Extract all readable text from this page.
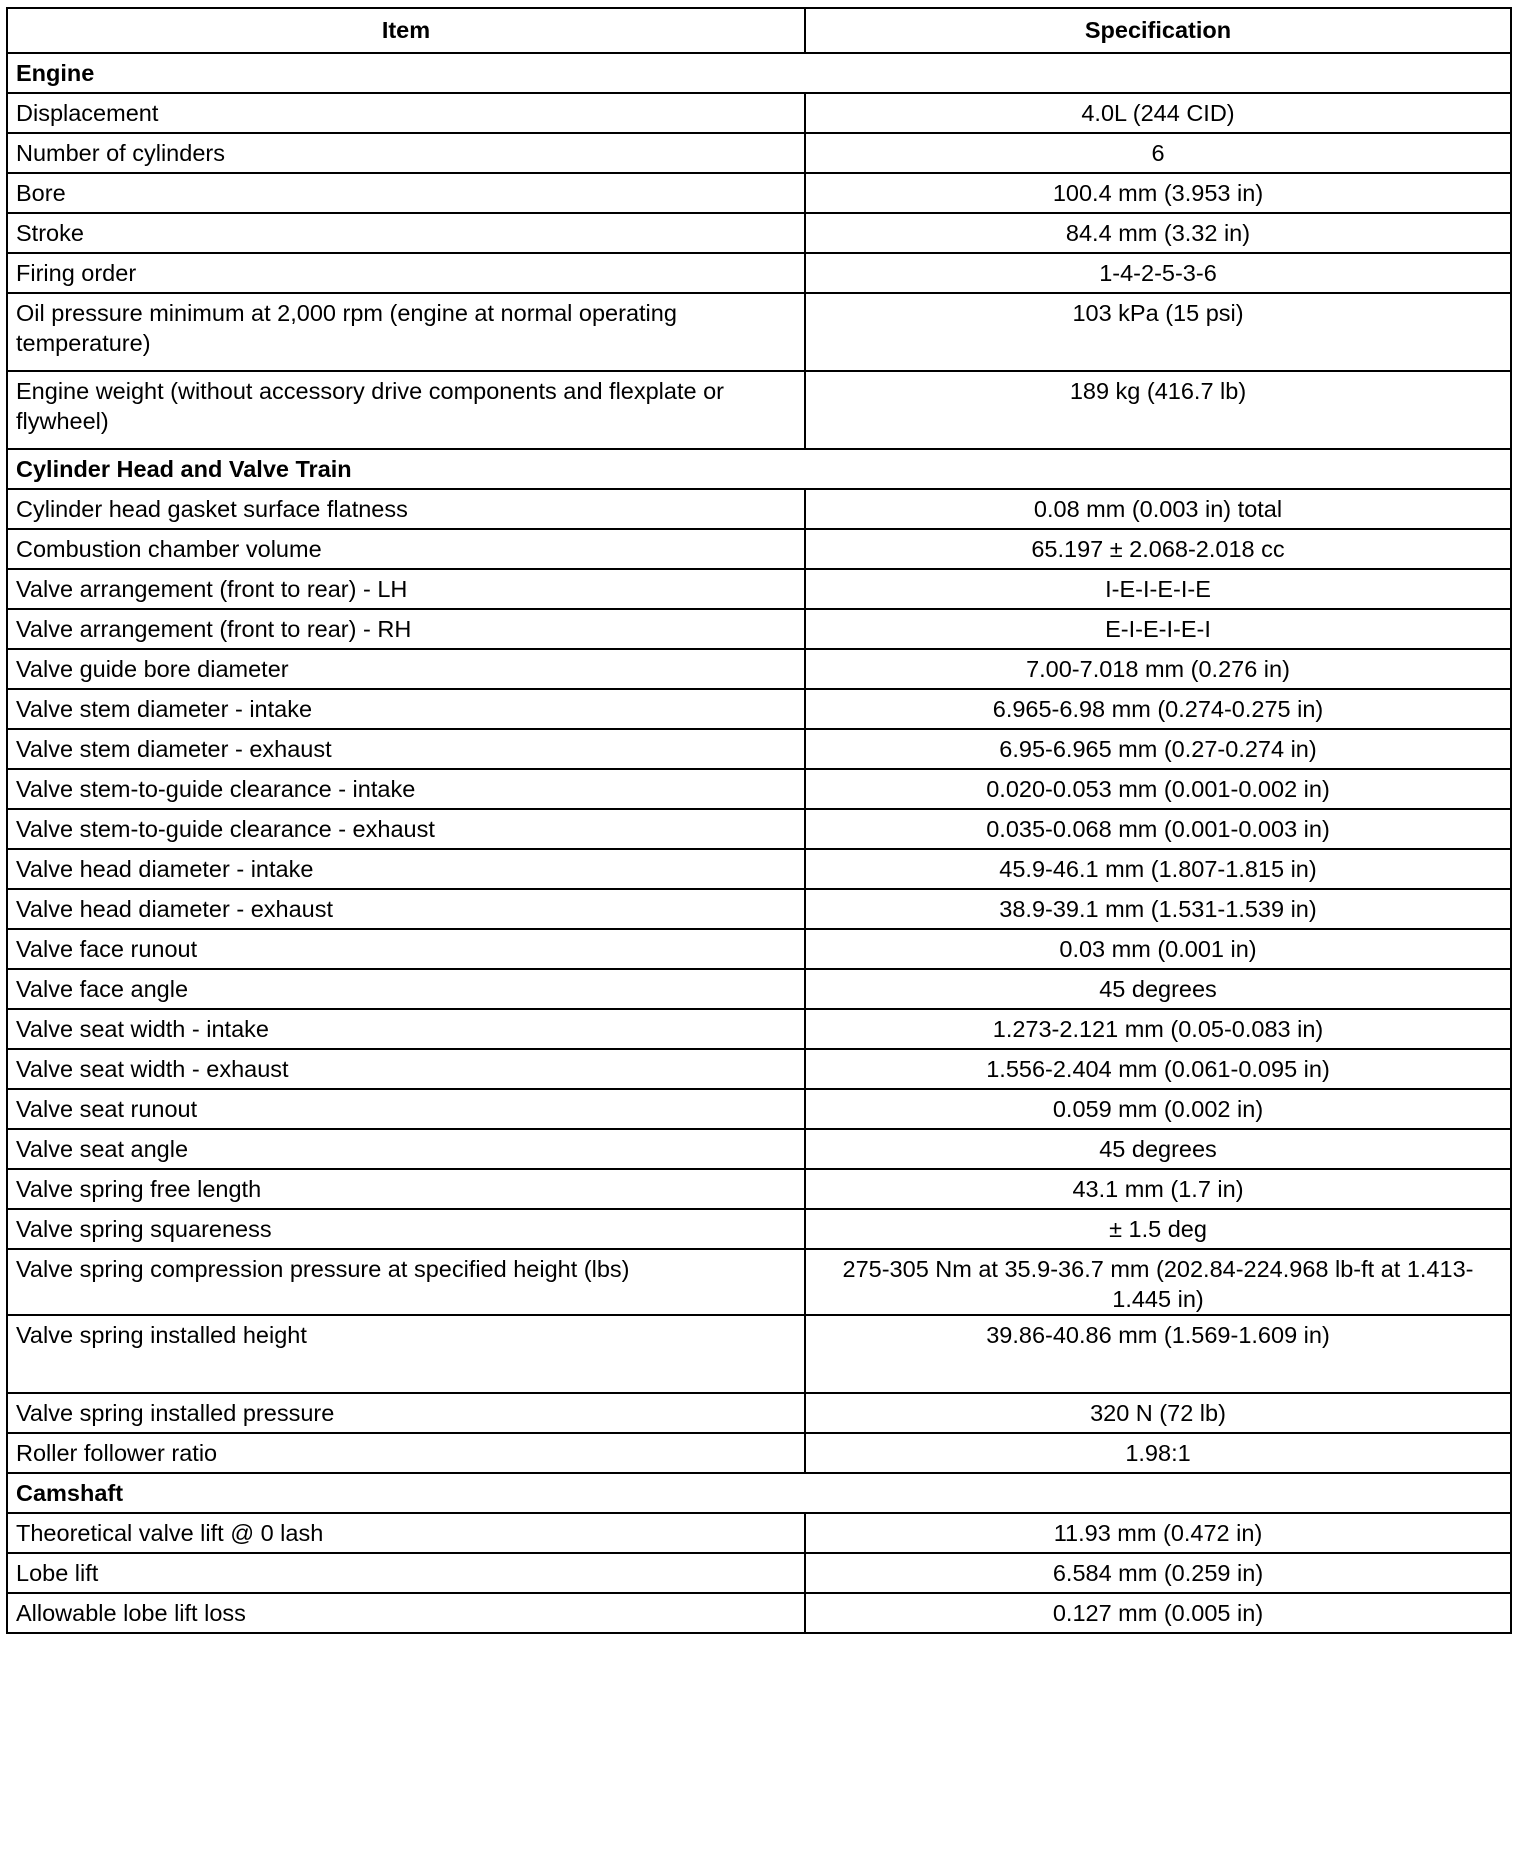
Item	Specification
Engine	
Displacement	4.0L (244 CID)
Number of cylinders	6
Bore	100.4 mm (3.953 in)
Stroke	84.4 mm (3.32 in)
Firing order	1-4-2-5-3-6
Oil pressure minimum at 2,000 rpm (engine at normal operating temperature)	103 kPa (15 psi)
Engine weight (without accessory drive components and flexplate or flywheel)	189 kg (416.7 lb)
Cylinder Head and Valve Train	
Cylinder head gasket surface flatness	0.08 mm (0.003 in) total
Combustion chamber volume	65.197 ± 2.068-2.018 cc
Valve arrangement (front to rear) - LH	I-E-I-E-I-E
Valve arrangement (front to rear) - RH	E-I-E-I-E-I
Valve guide bore diameter	7.00-7.018 mm (0.276 in)
Valve stem diameter - intake	6.965-6.98 mm (0.274-0.275 in)
Valve stem diameter - exhaust	6.95-6.965 mm (0.27-0.274 in)
Valve stem-to-guide clearance - intake	0.020-0.053 mm (0.001-0.002 in)
Valve stem-to-guide clearance - exhaust	0.035-0.068 mm (0.001-0.003 in)
Valve head diameter - intake	45.9-46.1 mm (1.807-1.815 in)
Valve head diameter - exhaust	38.9-39.1 mm (1.531-1.539 in)
Valve face runout	0.03 mm (0.001 in)
Valve face angle	45 degrees
Valve seat width - intake	1.273-2.121 mm (0.05-0.083 in)
Valve seat width - exhaust	1.556-2.404 mm (0.061-0.095 in)
Valve seat runout	0.059 mm (0.002 in)
Valve seat angle	45 degrees
Valve spring free length	43.1 mm (1.7 in)
Valve spring squareness	± 1.5 deg
Valve spring compression pressure at specified height (lbs)	275-305 Nm at 35.9-36.7 mm (202.84-224.968 lb-ft at 1.413-1.445 in)
Valve spring installed height	39.86-40.86 mm (1.569-1.609 in)
Valve spring installed pressure	320 N (72 lb)
Roller follower ratio	1.98:1
Camshaft	
Theoretical valve lift @ 0 lash	11.93 mm (0.472 in)
Lobe lift	6.584 mm (0.259 in)
Allowable lobe lift loss	0.127 mm (0.005 in)
